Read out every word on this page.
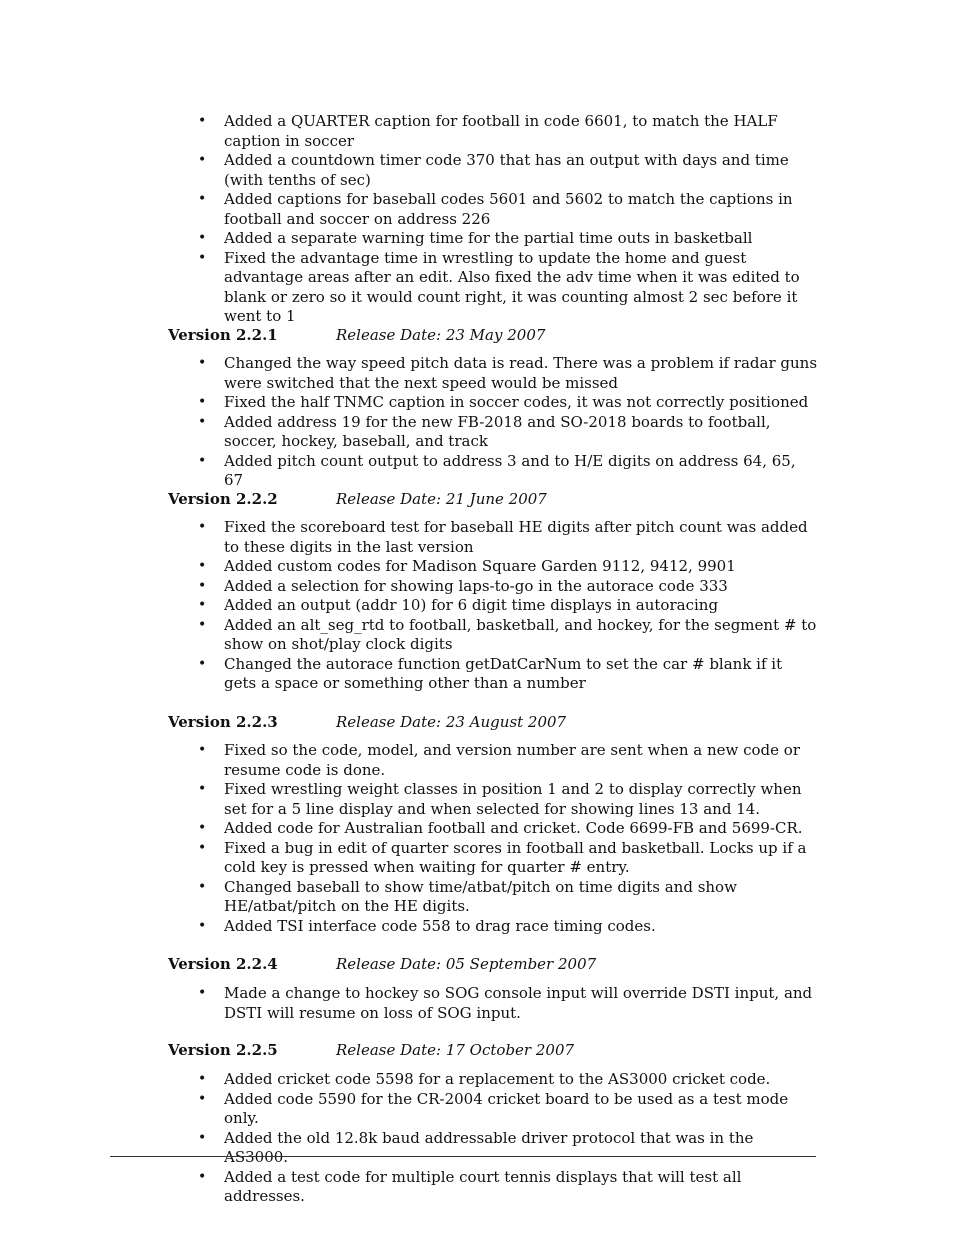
• Added a QUARTER caption for football in code 6601, to match the HALF caption in soccer
• Added a countdown timer code 370 that has an output with days and time (with tenths of sec)
• Added captions for baseball codes 5601 and 5602 to match the captions in football and soccer on address 226
• Added a separate warning time for the partial time outs in basketball
• Fixed the advantage time in wrestling to update the home and guest advantage areas after an edit. Also fixed the adv time when it was edited to blank or zero so it would count right, it was counting almost 2 sec before it went to 1
Version 2.2.1	Release Date: 23 May 2007
• Changed the way speed pitch data is read. There was a problem if radar guns were switched that the next speed would be missed
• Fixed the half TNMC caption in soccer codes, it was not correctly positioned
• Added address 19 for the new FB-2018 and SO-2018 boards to football, soccer, hockey, baseball, and track
• Added pitch count output to address 3 and to H/E digits on address 64, 65, 67
Version 2.2.2	Release Date: 21 June 2007
• Fixed the scoreboard test for baseball HE digits after pitch count was added to these digits in the last version
• Added custom codes for Madison Square Garden 9112, 9412, 9901
• Added a selection for showing laps-to-go in the autorace code 333
• Added an output (addr 10) for 6 digit time displays in autoracing
• Added an alt_seg_rtd to football, basketball, and hockey, for the segment # to show on shot/play clock digits
• Changed the autorace function getDatCarNum to set the car # blank if it gets a space or something other than a number
Version 2.2.3	Release Date: 23 August 2007
• Fixed so the code, model, and version number are sent when a new code or resume code is done.
• Fixed wrestling weight classes in position 1 and 2 to display correctly when set for a 5 line display and when selected for showing lines 13 and 14.
• Added code for Australian football and cricket. Code 6699-FB and 5699-CR.
• Fixed a bug in edit of quarter scores in football and basketball. Locks up if a cold key is pressed when waiting for quarter # entry.
• Changed baseball to show time/atbat/pitch on time digits and show HE/atbat/pitch on the HE digits.
• Added TSI interface code 558 to drag race timing codes.
Version 2.2.4	Release Date: 05 September 2007
• Made a change to hockey so SOG console input will override DSTI input, and DSTI will resume on loss of SOG input.
Version 2.2.5	Release Date: 17 October 2007
• Added cricket code 5598 for a replacement to the AS3000 cricket code.
• Added code 5590 for the CR-2004 cricket board to be used as a test mode only.
• Added the old 12.8k baud addressable driver protocol that was in the AS3000.
• Added a test code for multiple court tennis displays that will test all addresses.
